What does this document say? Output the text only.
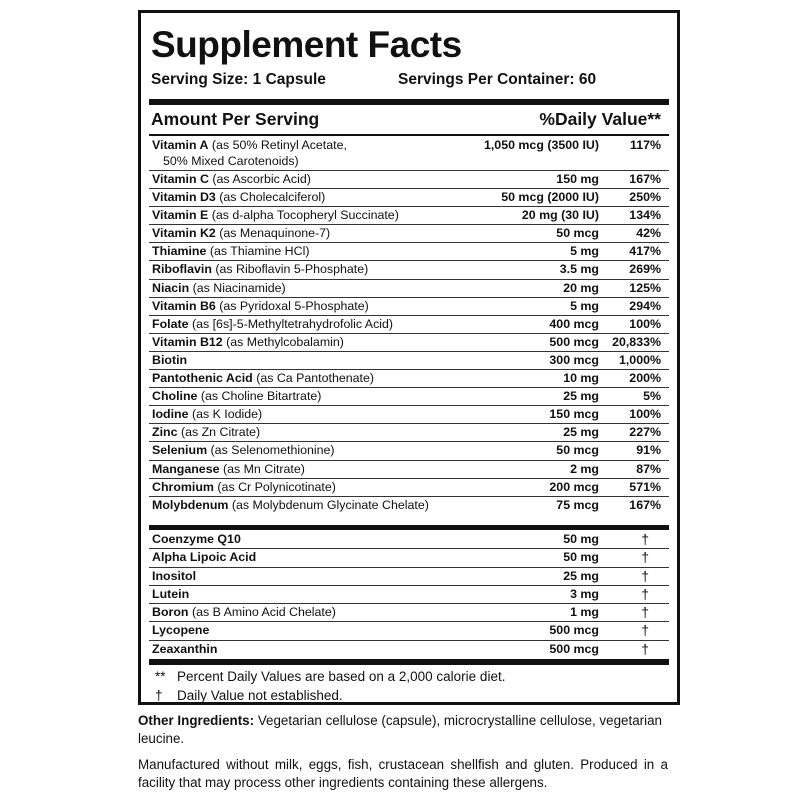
Supplement Facts
Serving Size: 1 Capsule	Servings Per Container: 60
Amount Per Serving	%Daily Value**
Vitamin A (as 50% Retinyl Acetate,
50% Mixed Carotenoids)
1,050 mcg (3500 IU) 117%
Vitamin C (as Ascorbic Acid)	150 mg 167%
Vitamin D3 (as Cholecalciferol)	50 mcg (2000 IU) 250%
Vitamin E (as d-alpha Tocopheryl Succinate)	20 mg (30 IU) 134%
Vitamin K2 (as Menaquinone-7)	50 mcg	42%
Thiamine (as Thiamine HCl)	5 mg 417%
Riboflavin (as Riboflavin 5-Phosphate)	3.5 mg 269%
Niacin (as Niacinamide)	20 mg 125%
Vitamin B6 (as Pyridoxal 5-Phosphate)	5 mg 294%
Folate (as [6s]-5-Methyltetrahydrofolic Acid)	400 mcg 100%
Vitamin B12 (as Methylcobalamin)	500 mcg 20,833%
Biotin	300 mcg 1,000%
Pantothenic Acid (as Ca Pantothenate)	10 mg 200%
Choline (as Choline Bitartrate)	25 mg	5%
Iodine (as K Iodide)	150 mcg 100%
Zinc (as Zn Citrate)	25 mg 227%
Selenium (as Selenomethionine)	50 mcg	91%
Manganese (as Mn Citrate)	2 mg	87%
Chromium (as Cr Polynicotinate)	200 mcg 571%
Molybdenum (as Molybdenum Glycinate Chelate)	75 mcg 167%
Coenzyme Q10	50 mg	†
Alpha Lipoic Acid	50 mg	†
Inositol	25 mg	†
Lutein	3 mg	†
Boron (as B Amino Acid Chelate)	1 mg	†
Lycopene	500 mcg	†
Zeaxanthin	500 mcg	†
** Percent Daily Values are based on a 2,000 calorie diet.
† Daily Value not established.
Other Ingredients: Vegetarian cellulose (capsule), microcrystalline cellulose, vegetarian leucine.
Manufactured without milk, eggs, fish, crustacean shellfish and gluten. Produced in a facility that may process other ingredients containing these allergens.
